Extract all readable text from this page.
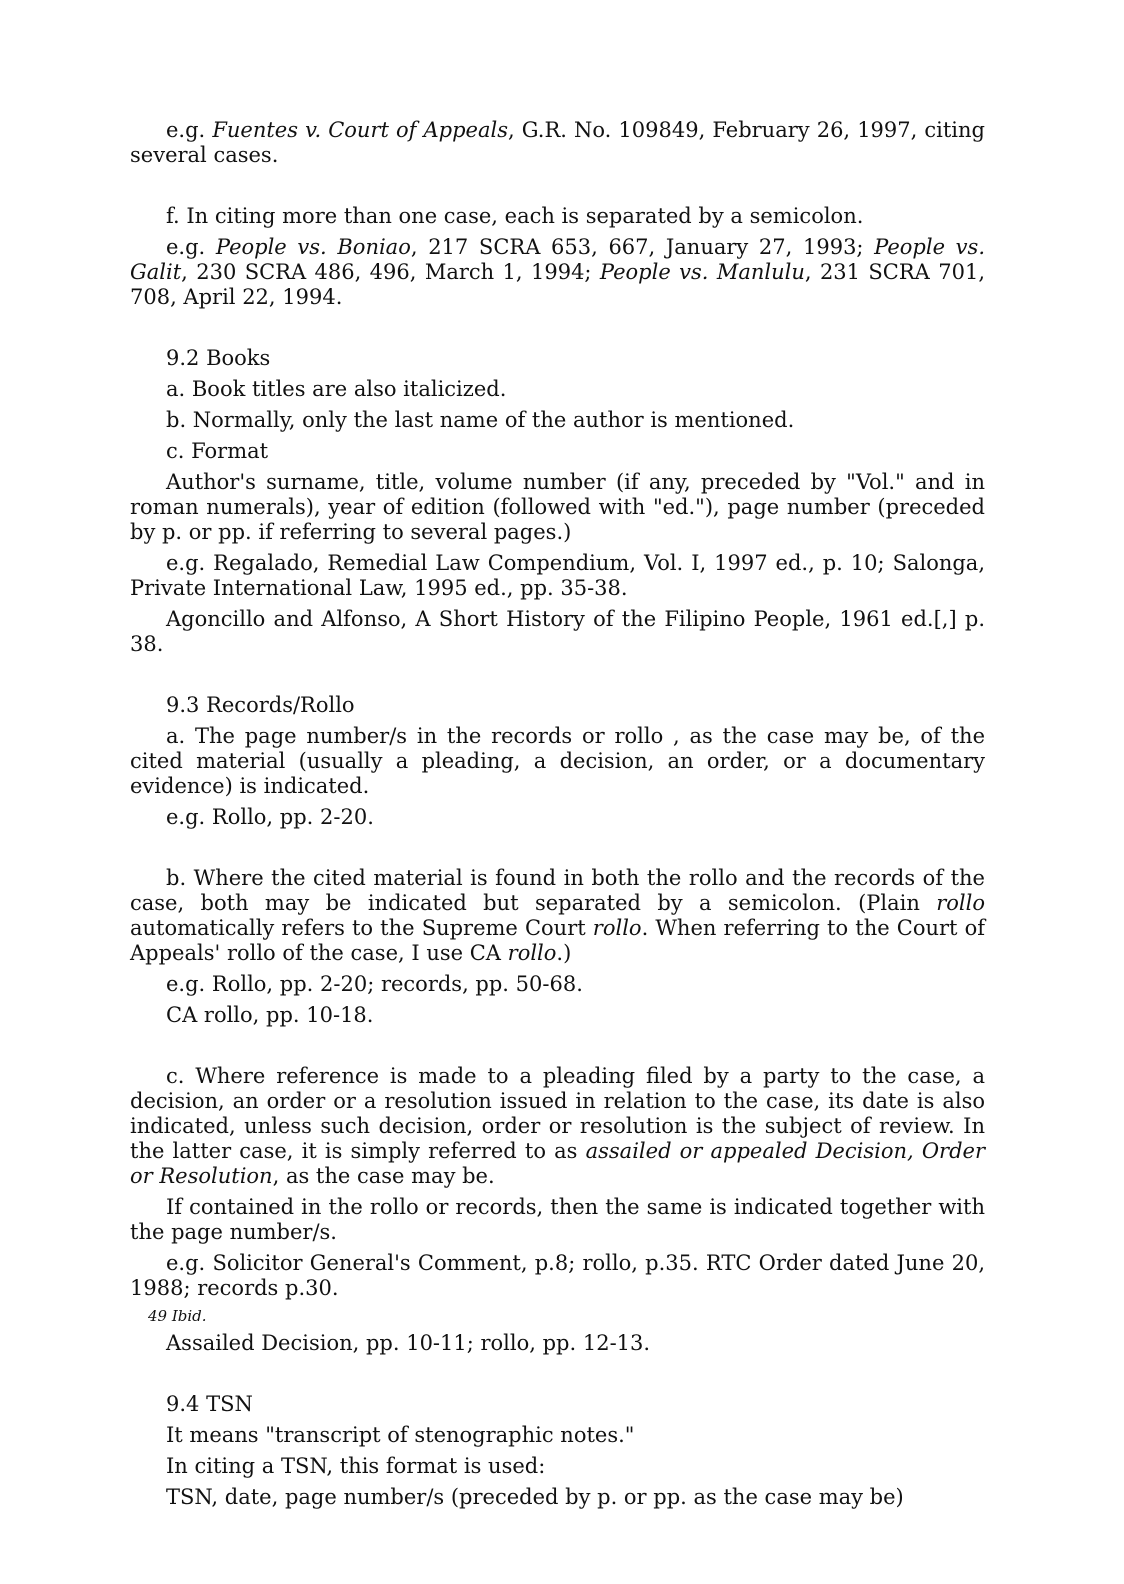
e.g. Fuentes v. Court of Appeals, G.R. No. 109849, February 26, 1997, citing several cases.

f. In citing more than one case, each is separated by a semicolon.

e.g. People vs. Boniao, 217 SCRA 653, 667, January 27, 1993; People vs. Galit, 230 SCRA 486, 496, March 1, 1994; People vs. Manlulu, 231 SCRA 701, 708, April 22, 1994.

9.2 Books

a. Book titles are also italicized.

b. Normally, only the last name of the author is mentioned.

c. Format

Author's surname, title, volume number (if any, preceded by "Vol." and in roman numerals), year of edition (followed with "ed."), page number (preceded by p. or pp. if referring to several pages.)

e.g. Regalado, Remedial Law Compendium, Vol. I, 1997 ed., p. 10; Salonga, Private International Law, 1995 ed., pp. 35-38.

Agoncillo and Alfonso, A Short History of the Filipino People, 1961 ed.[,] p. 38.

9.3 Records/Rollo

a. The page number/s in the records or rollo , as the case may be, of the cited material (usually a pleading, a decision, an order, or a documentary evidence) is indicated.

e.g. Rollo, pp. 2-20.

b. Where the cited material is found in both the rollo and the records of the case, both may be indicated but separated by a semicolon. (Plain rollo automatically refers to the Supreme Court rollo. When referring to the Court of Appeals' rollo of the case, I use CA rollo.)

e.g. Rollo, pp. 2-20; records, pp. 50-68.

CA rollo, pp. 10-18.

c. Where reference is made to a pleading filed by a party to the case, a decision, an order or a resolution issued in relation to the case, its date is also indicated, unless such decision, order or resolution is the subject of review. In the latter case, it is simply referred to as assailed or appealed Decision, Order or Resolution, as the case may be.

If contained in the rollo or records, then the same is indicated together with the page number/s.

e.g. Solicitor General's Comment, p.8; rollo, p.35. RTC Order dated June 20, 1988; records p.30.

49 Ibid.

Assailed Decision, pp. 10-11; rollo, pp. 12-13.

9.4 TSN

It means "transcript of stenographic notes."

In citing a TSN, this format is used:

TSN, date, page number/s (preceded by p. or pp. as the case may be)
